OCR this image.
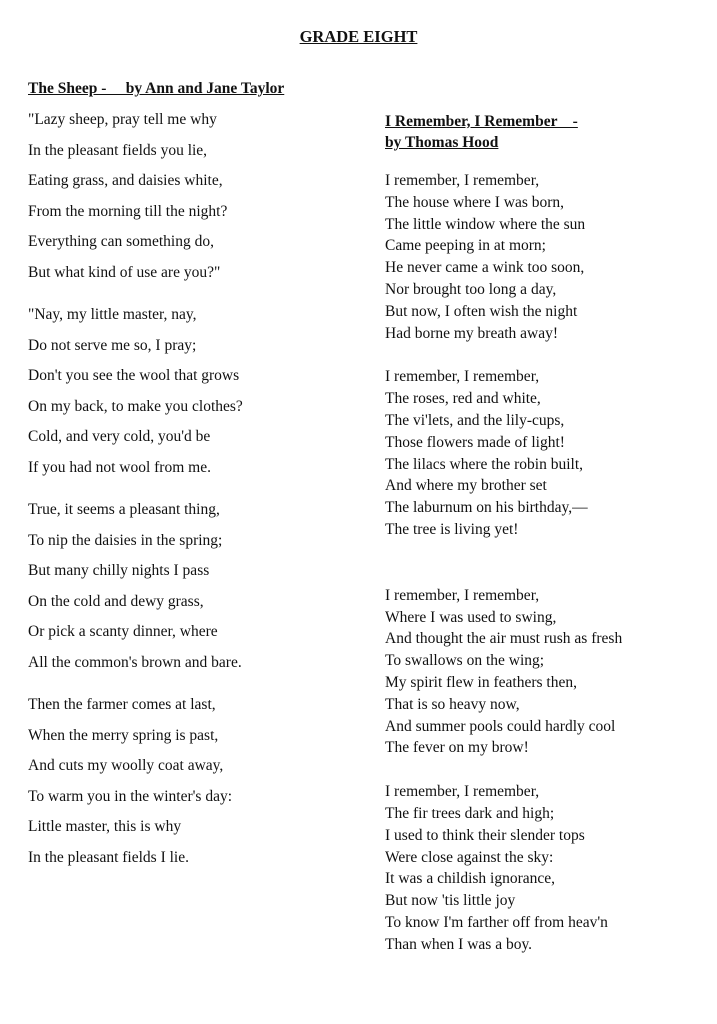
GRADE EIGHT
The Sheep -     by Ann and Jane Taylor
"Lazy sheep, pray tell me why
In the pleasant fields you lie,
Eating grass, and daisies white,
From the morning till the night?
Everything can something do,
But what kind of use are you?"
"Nay, my little master, nay,
Do not serve me so, I pray;
Don't you see the wool that grows
On my back, to make you clothes?
Cold, and very cold, you'd be
If you had not wool from me.
True, it seems a pleasant thing,
To nip the daisies in the spring;
But many chilly nights I pass
On the cold and dewy grass,
Or pick a scanty dinner, where
All the common's brown and bare.
Then the farmer comes at last,
When the merry spring is past,
And cuts my woolly coat away,
To warm you in the winter's day:
Little master, this is why
In the pleasant fields I lie.
I Remember, I Remember    -
by Thomas Hood
I remember, I remember,
The house where I was born,
The little window where the sun
Came peeping in at morn;
He never came a wink too soon,
Nor brought too long a day,
But now, I often wish the night
Had borne my breath away!
I remember, I remember,
The roses, red and white,
The vi'lets, and the lily-cups,
Those flowers made of light!
The lilacs where the robin built,
And where my brother set
The laburnum on his birthday,—
The tree is living yet!
I remember, I remember,
Where I was used to swing,
And thought the air must rush as fresh
To swallows on the wing;
My spirit flew in feathers then,
That is so heavy now,
And summer pools could hardly cool
The fever on my brow!
I remember, I remember,
The fir trees dark and high;
I used to think their slender tops
Were close against the sky:
It was a childish ignorance,
But now 'tis little joy
To know I'm farther off from heav'n
Than when I was a boy.
